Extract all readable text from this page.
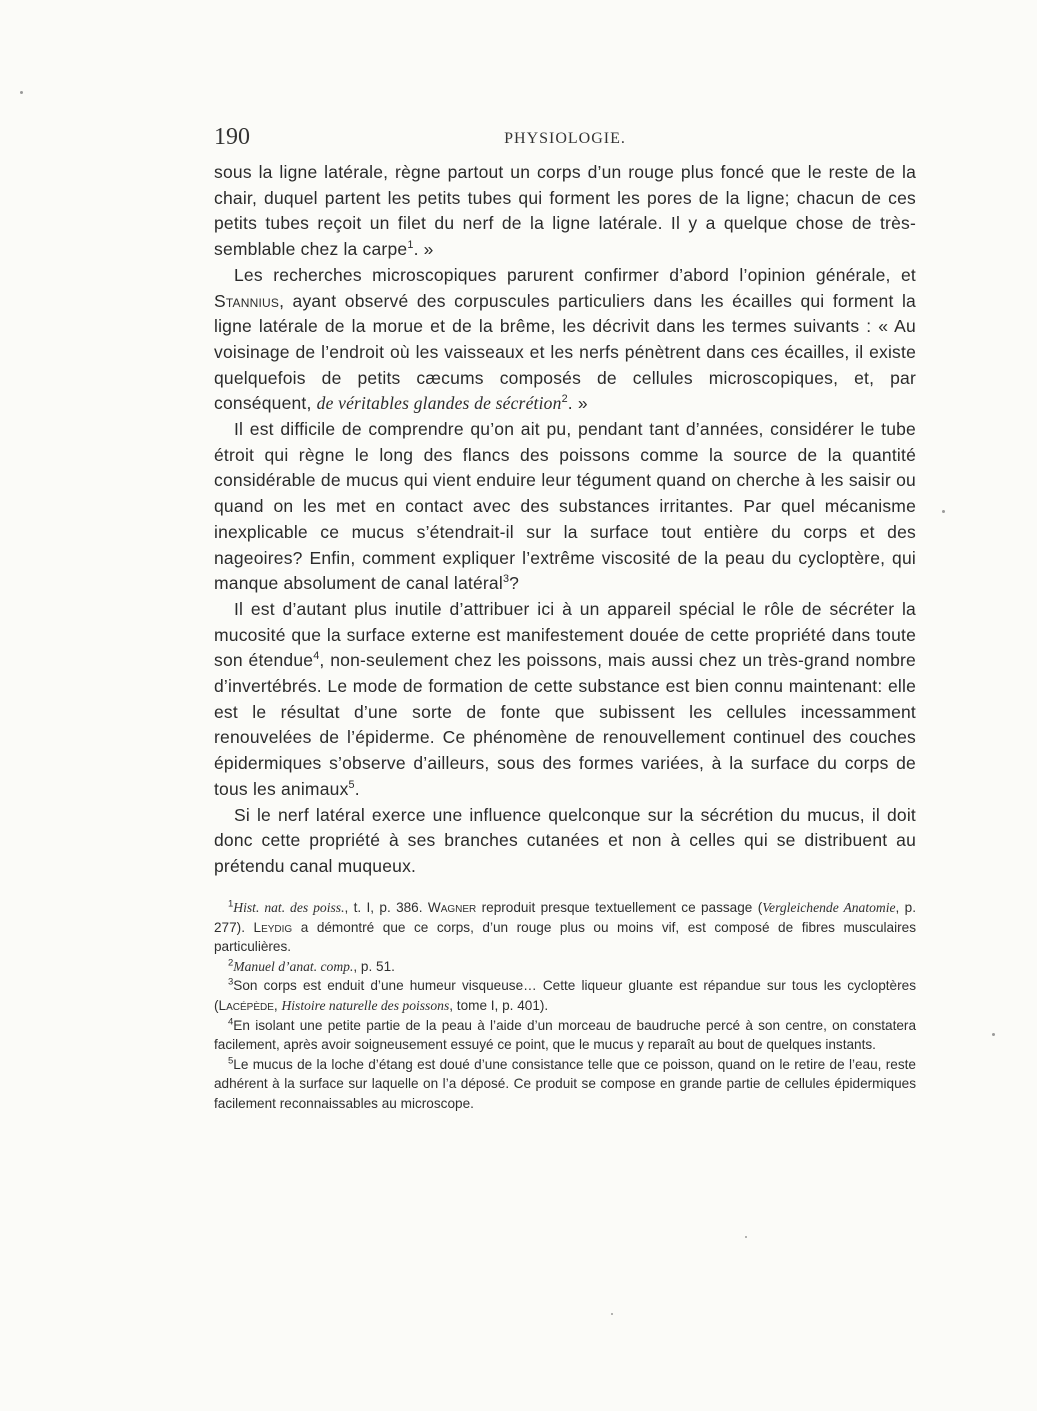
190	PHYSIOLOGIE.

sous la ligne latérale, règne partout un corps d’un rouge plus foncé que le reste de la chair, duquel partent les petits tubes qui forment les pores de la ligne; chacun de ces petits tubes reçoit un filet du nerf de la ligne latérale. Il y a quelque chose de très-semblable chez la carpe$^1$. »

Les recherches microscopiques parurent confirmer d’abord l’opinion générale, et Stannius, ayant observé des corpuscules particuliers dans les écailles qui forment la ligne latérale de la morue et de la brême, les décrivit dans les termes suivants : « Au voisinage de l’endroit où les vaisseaux et les nerfs pénètrent dans ces écailles, il existe quelquefois de petits cæcums composés de cellules microscopiques, et, par conséquent, de véritables glandes de sécrétion$^2$. »

Il est difficile de comprendre qu’on ait pu, pendant tant d’années, considérer le tube étroit qui règne le long des flancs des poissons comme la source de la quantité considérable de mucus qui vient enduire leur tégument quand on cherche à les saisir ou quand on les met en contact avec des substances irritantes. Par quel mécanisme inexplicable ce mucus s’étendrait-il sur la surface tout entière du corps et des nageoires? Enfin, comment expliquer l’extrême viscosité de la peau du cycloptère, qui manque absolument de canal latéral$^3$?

Il est d’autant plus inutile d’attribuer ici à un appareil spécial le rôle de sécréter la mucosité que la surface externe est manifestement douée de cette propriété dans toute son étendue$^4$, non-seulement chez les poissons, mais aussi chez un très-grand nombre d’invertébrés. Le mode de formation de cette substance est bien connu maintenant: elle est le résultat d’une sorte de fonte que subissent les cellules incessamment renouvelées de l’épiderme. Ce phénomène de renouvellement continuel des couches épidermiques s’observe d’ailleurs, sous des formes variées, à la surface du corps de tous les animaux$^5$.

Si le nerf latéral exerce une influence quelconque sur la sécrétion du mucus, il doit donc cette propriété à ses branches cutanées et non à celles qui se distribuent au prétendu canal muqueux.

$^1$Hist. nat. des poiss., t. I, p. 386. Wagner reproduit presque textuellement ce passage (Vergleichende Anatomie, p. 277). Leydig a démontré que ce corps, d’un rouge plus ou moins vif, est composé de fibres musculaires particulières.

$^2$Manuel d’anat. comp., p. 51.

$^3$Son corps est enduit d’une humeur visqueuse… Cette liqueur gluante est répandue sur tous les cycloptères (Lacépède, Histoire naturelle des poissons, tome I, p. 401).

$^4$En isolant une petite partie de la peau à l’aide d’un morceau de baudruche percé à son centre, on constatera facilement, après avoir soigneusement essuyé ce point, que le mucus y reparaît au bout de quelques instants.

$^5$Le mucus de la loche d’étang est doué d’une consistance telle que ce poisson, quand on le retire de l’eau, reste adhérent à la surface sur laquelle on l’a déposé. Ce produit se compose en grande partie de cellules épidermiques facilement reconnaissables au microscope.
